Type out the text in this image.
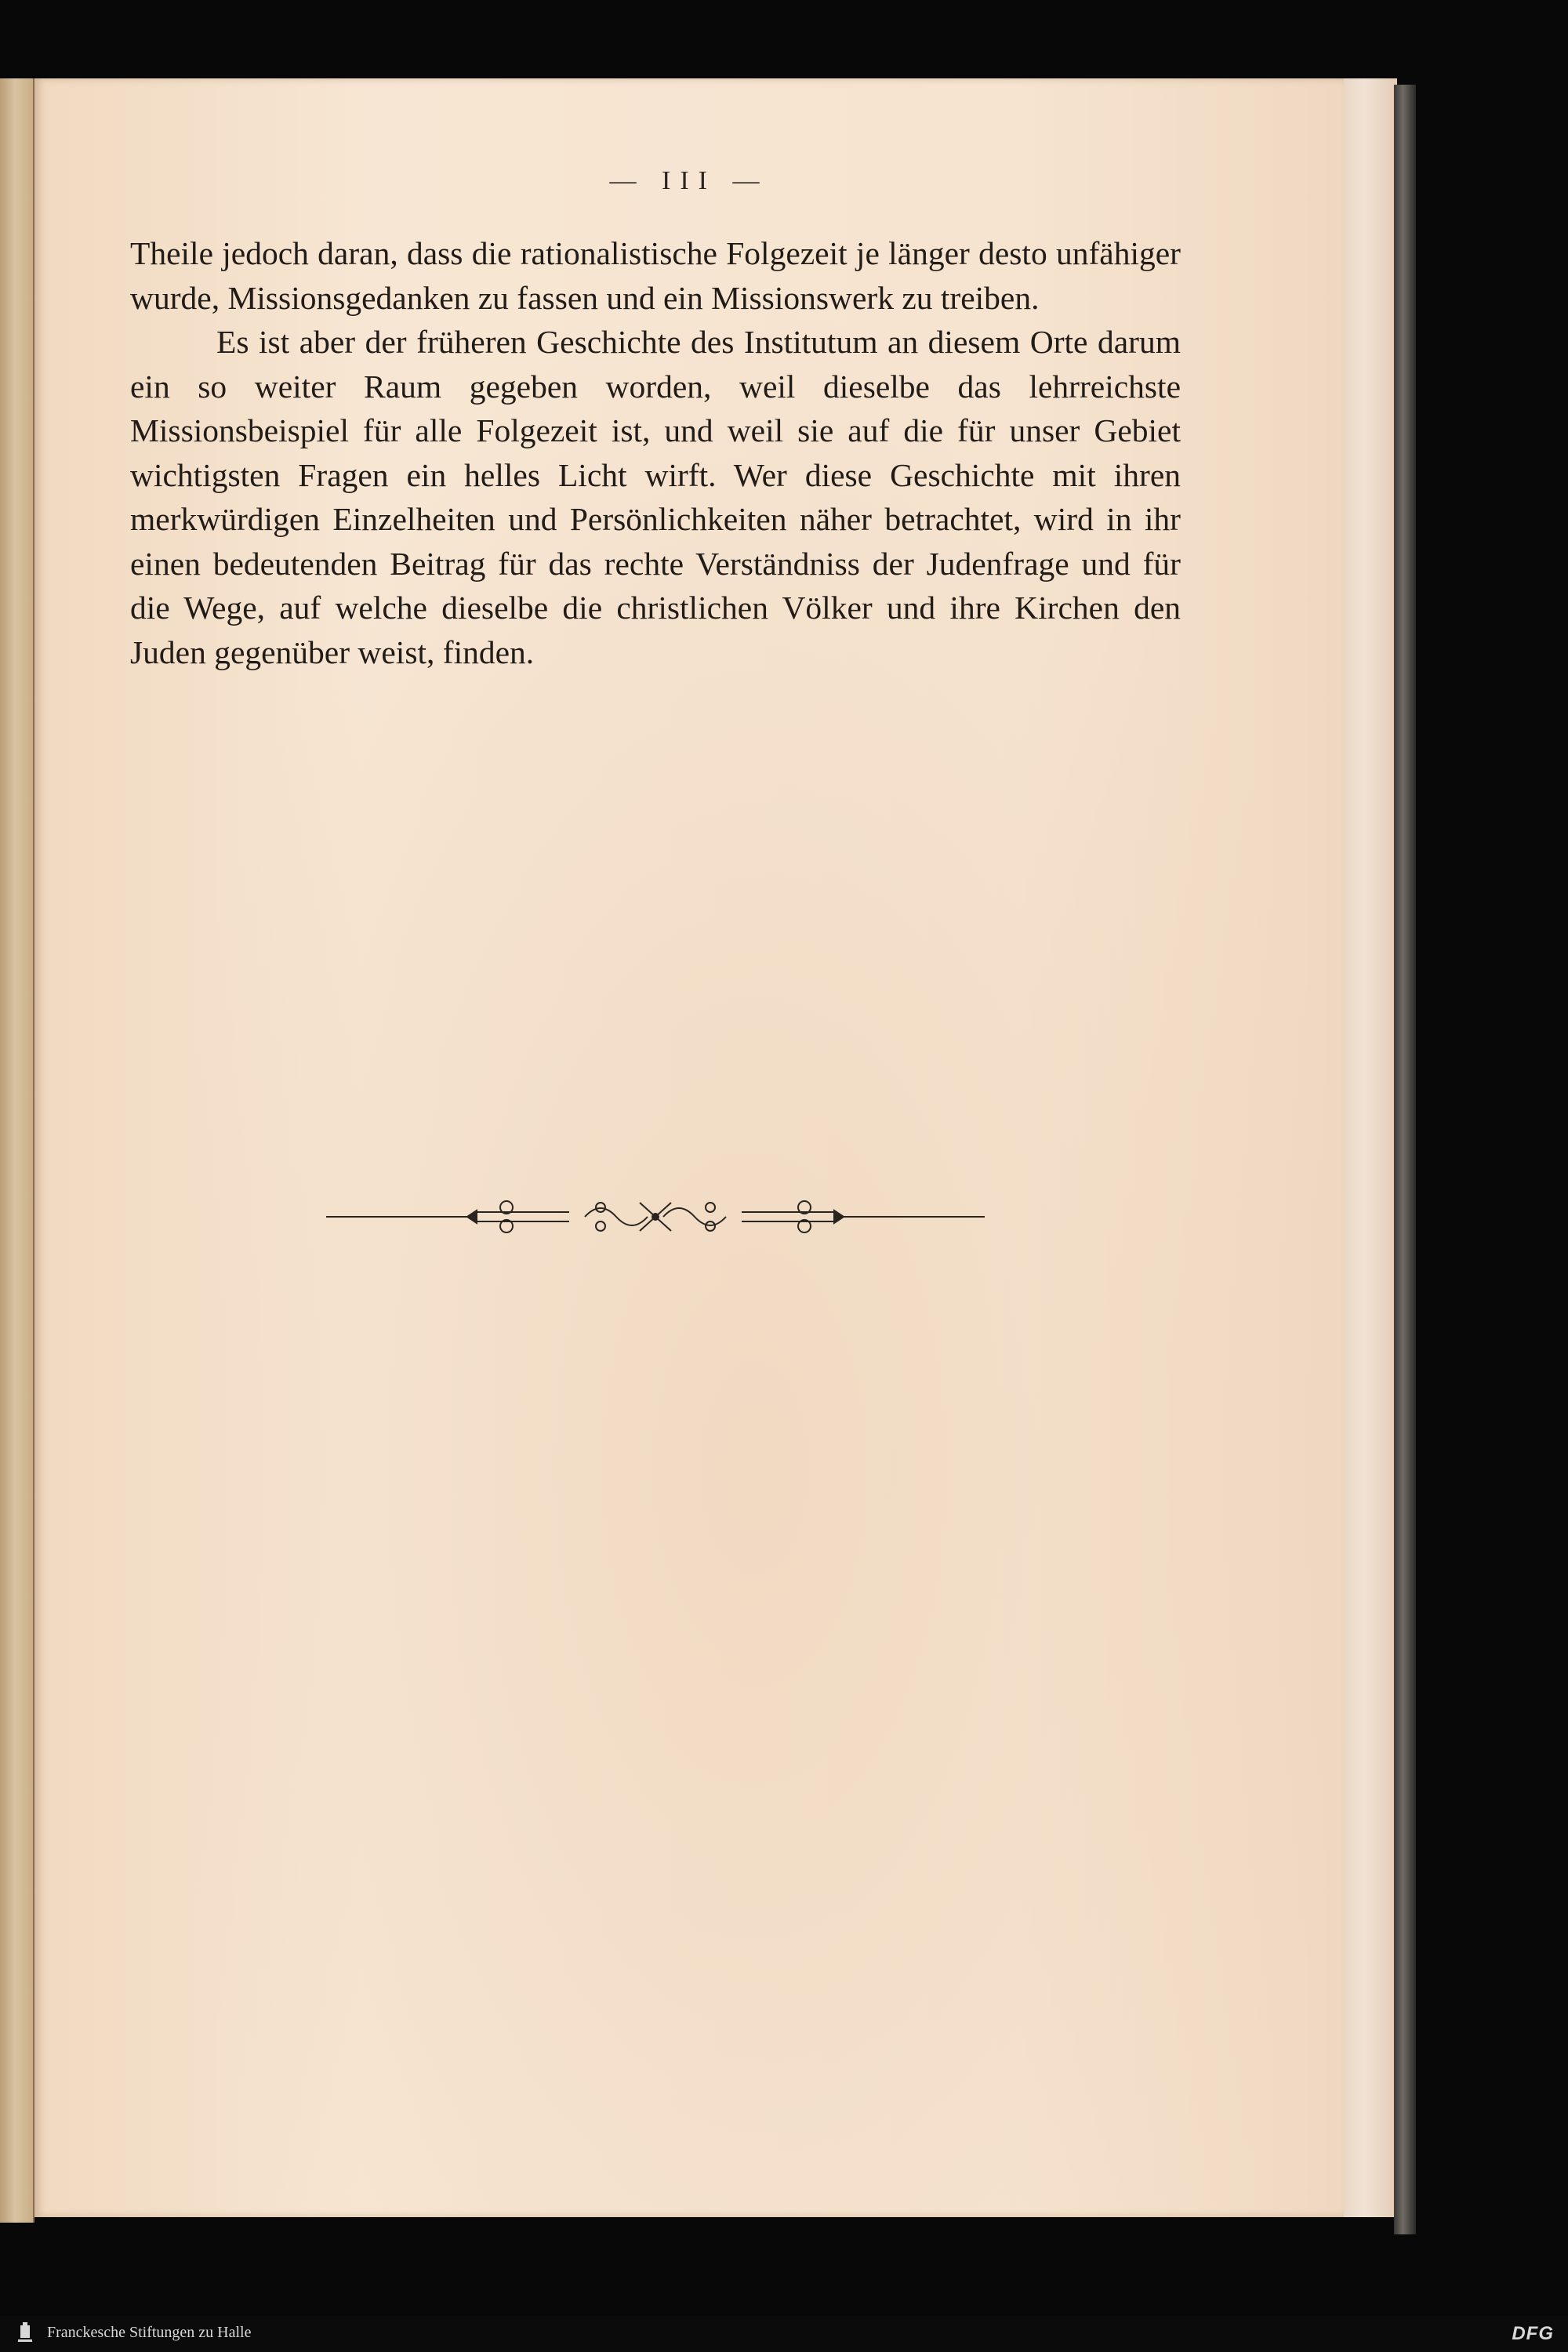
— III —

Theile jedoch daran, dass die rationalistische Folgezeit je länger desto unfähiger wurde, Missionsgedanken zu fassen und ein Missionswerk zu treiben.

Es ist aber der früheren Geschichte des Institutum an diesem Orte darum ein so weiter Raum gegeben worden, weil dieselbe das lehrreichste Missionsbeispiel für alle Folgezeit ist, und weil sie auf die für unser Gebiet wichtigsten Fragen ein helles Licht wirft. Wer diese Geschichte mit ihren merkwürdigen Einzelheiten und Persönlichkeiten näher betrachtet, wird in ihr einen bedeutenden Beitrag für das rechte Verständniss der Judenfrage und für die Wege, auf welche dieselbe die christlichen Völker und ihre Kirchen den Juden gegenüber weist, finden.

Franckesche Stiftungen zu Halle	DFG
